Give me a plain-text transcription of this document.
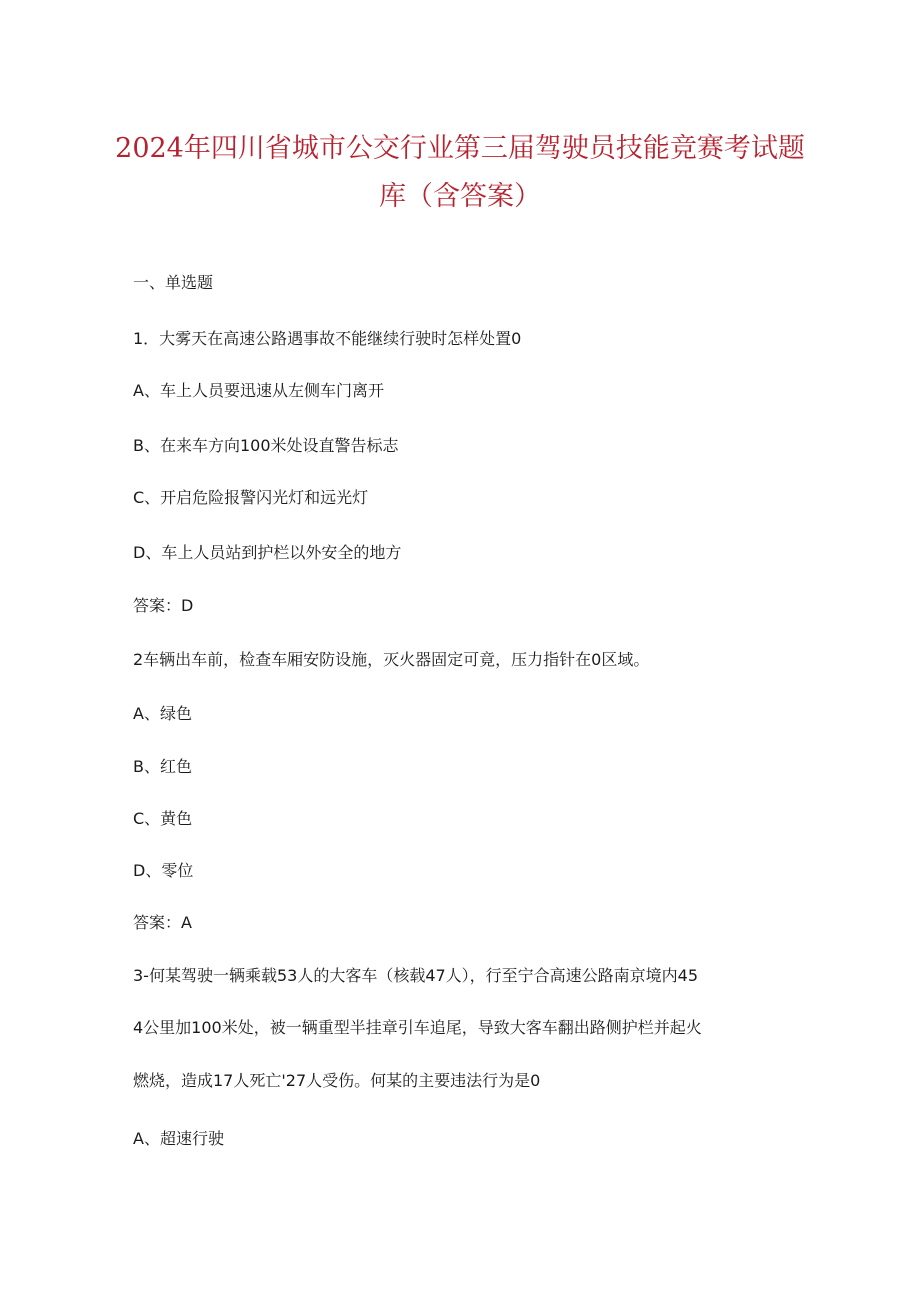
2024年四川省城市公交行业第三届驾驶员技能竞赛考试题
库（含答案）

一、单选题

1．大雾天在高速公路遇事故不能继续行驶时怎样处置0

A、车上人员要迅速从左侧车门离开

B、在来车方向100米处设直警告标志

C、开启危险报警闪光灯和远光灯

D、车上人员站到护栏以外安全的地方

答案：D

2车辆出车前，检查车厢安防设施，灭火器固定可竟，压力指针在0区域。

A、绿色

B、红色

C、黄色

D、零位

答案：A

3-何某驾驶一辆乘载53人的大客车（核载47人），行至宁合高速公路南京境内45

4公里加100米处，被一辆重型半挂章引车追尾，导致大客车翻出路侧护栏并起火

燃烧，造成17人死亡'27人受伤。何某的主要违法行为是0

A、超速行驶
